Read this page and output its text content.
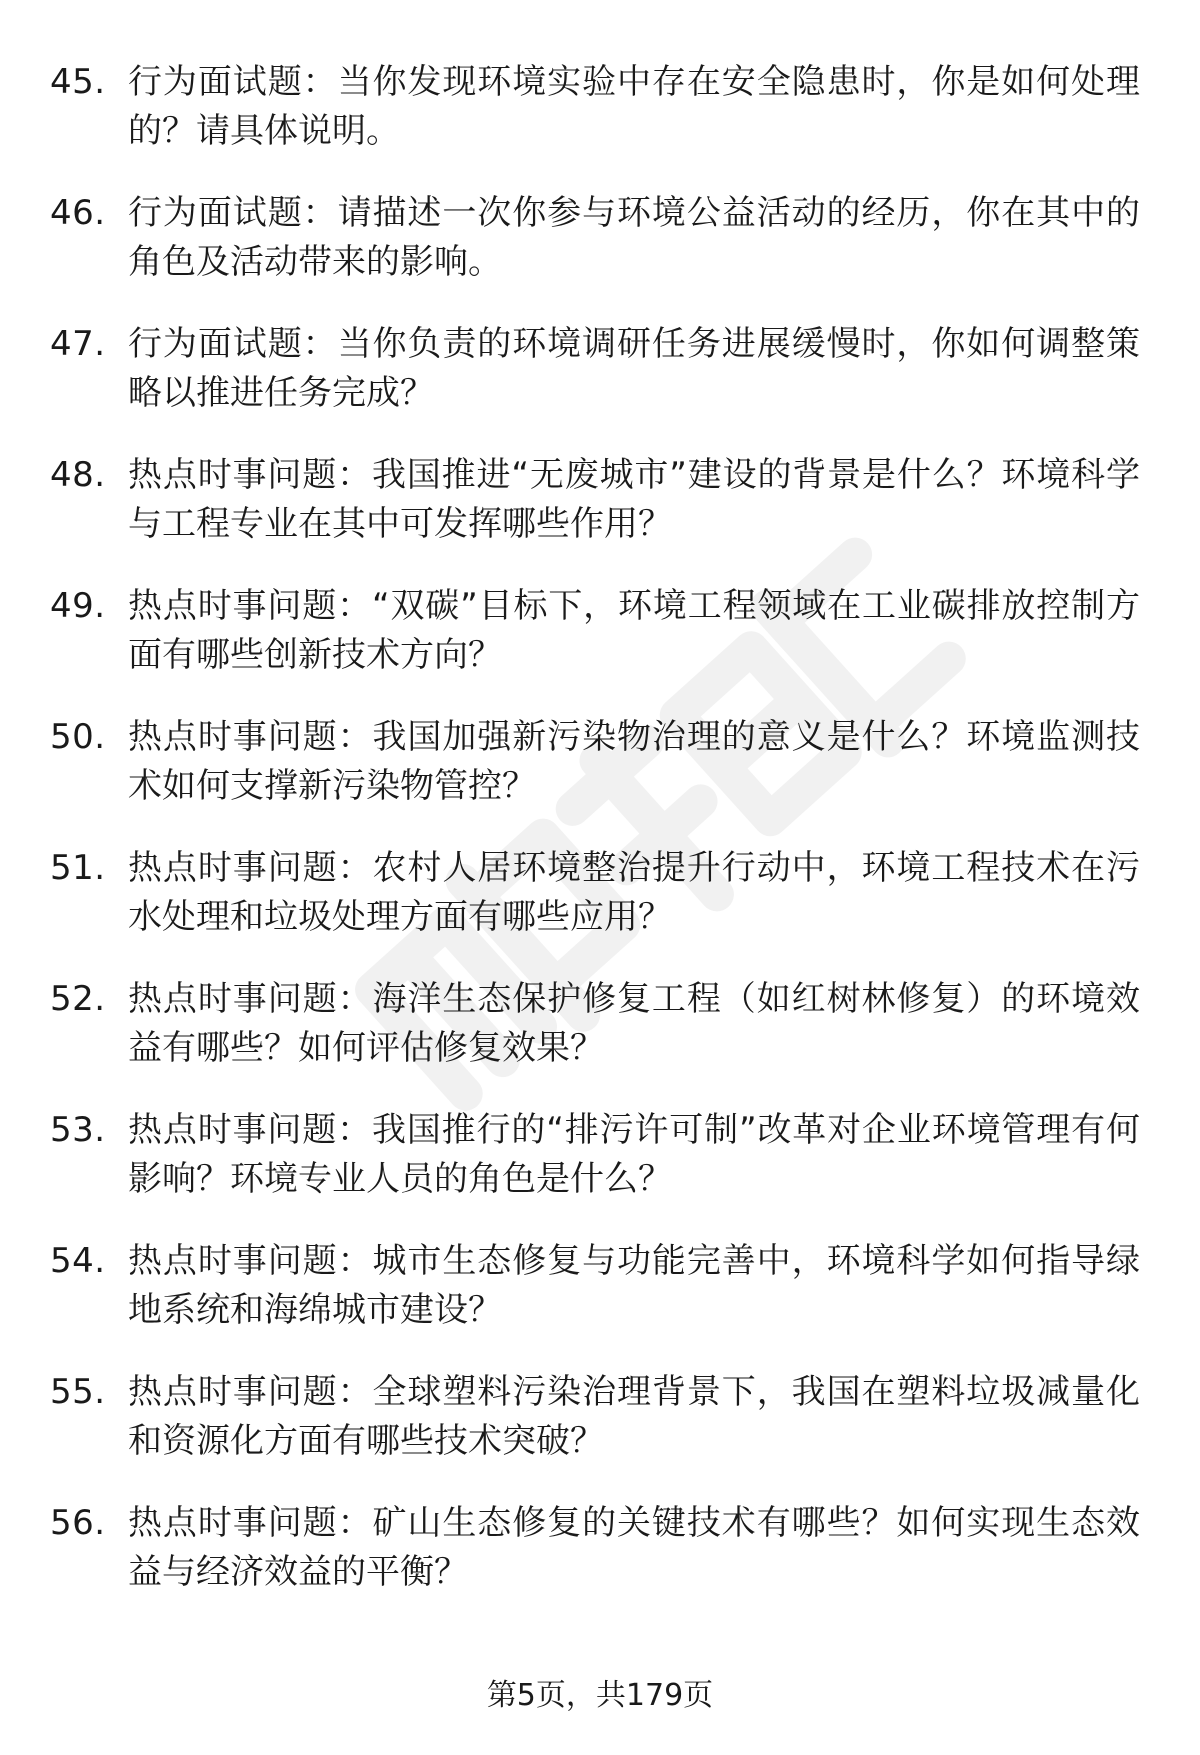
45. 行为面试题：当你发现环境实验中存在安全隐患时，你是如何处理的？请具体说明。
46. 行为面试题：请描述一次你参与环境公益活动的经历，你在其中的角色及活动带来的影响。
47. 行为面试题：当你负责的环境调研任务进展缓慢时，你如何调整策略以推进任务完成？
48. 热点时事问题：我国推进“无废城市”建设的背景是什么？环境科学与工程专业在其中可发挥哪些作用？
49. 热点时事问题：“双碳”目标下，环境工程领域在工业碳排放控制方面有哪些创新技术方向？
50. 热点时事问题：我国加强新污染物治理的意义是什么？环境监测技术如何支撑新污染物管控？
51. 热点时事问题：农村人居环境整治提升行动中，环境工程技术在污水处理和垃圾处理方面有哪些应用？
52. 热点时事问题：海洋生态保护修复工程（如红树林修复）的环境效益有哪些？如何评估修复效果？
53. 热点时事问题：我国推行的“排污许可制”改革对企业环境管理有何影响？环境专业人员的角色是什么？
54. 热点时事问题：城市生态修复与功能完善中，环境科学如何指导绿地系统和海绵城市建设？
55. 热点时事问题：全球塑料污染治理背景下，我国在塑料垃圾减量化和资源化方面有哪些技术突破？
56. 热点时事问题：矿山生态修复的关键技术有哪些？如何实现生态效益与经济效益的平衡？
第5页，共179页
